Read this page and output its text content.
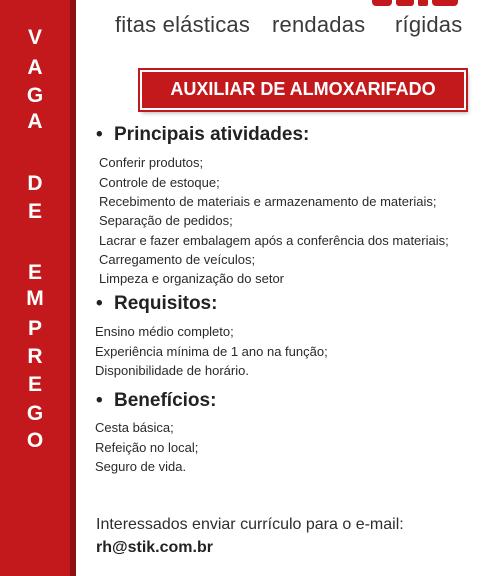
V
A
G
A
D
E
E
M
P
R
E
G
O
fitas elásticas rendadas rígidas
AUXILIAR DE ALMOXARIFADO
• Principais atividades:
Conferir produtos;
Controle de estoque;
Recebimento de materiais e armazenamento de materiais;
Separação de pedidos;
Lacrar e fazer embalagem após a conferência dos materiais;
Carregamento de veículos;
Limpeza e organização do setor
• Requisitos:
Ensino médio completo;
Experiência mínima de 1 ano na função;
Disponibilidade de horário.
• Benefícios:
Cesta básica;
Refeição no local;
Seguro de vida.
Interessados enviar currículo para o e-mail:
rh@stik.com.br
